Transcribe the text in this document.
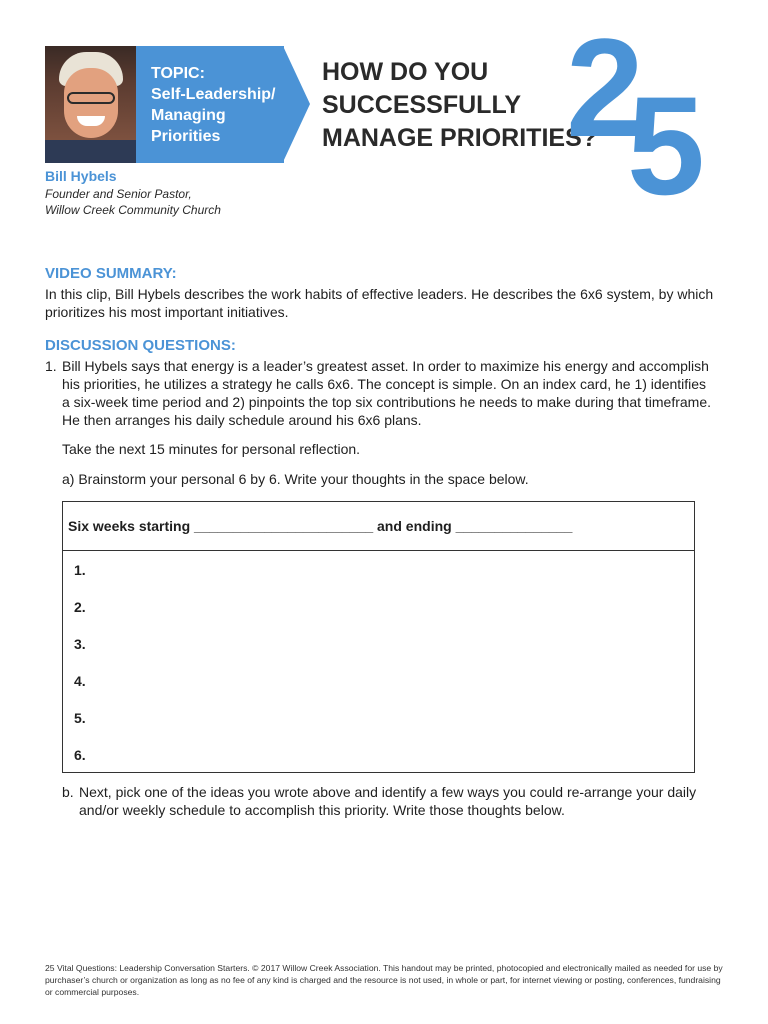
TOPIC:
Self-Leadership/
Managing
Priorities

HOW DO YOU
SUCCESSFULLY
MANAGE PRIORITIES?
2
5

Bill Hybels

Founder and Senior Pastor,
Willow Creek Community Church

VIDEO SUMMARY:

In this clip, Bill Hybels describes the work habits of effective leaders. He describes the 6x6 system, by which prioritizes his most important initiatives.

DISCUSSION QUESTIONS:

1. Bill Hybels says that energy is a leader’s greatest asset. In order to maximize his energy and accomplish his priorities, he utilizes a strategy he calls 6x6. The concept is simple. On an index card, he 1) identifies a six-week time period and 2) pinpoints the top six contributions he needs to make during that timeframe. He then arranges his daily schedule around his 6x6 plans.

Take the next 15 minutes for personal reflection.

a) Brainstorm your personal 6 by 6. Write your thoughts in the space below.

Six weeks starting _______________________ and ending _______________

1.

2.

3.

4.

5.

6.

b. Next, pick one of the ideas you wrote above and identify a few ways you could re-arrange your daily and/or weekly schedule to accomplish this priority. Write those thoughts below.

25 Vital Questions: Leadership Conversation Starters. © 2017 Willow Creek Association. This handout may be printed, photocopied and electronically mailed as needed for use by purchaser’s church or organization as long as no fee of any kind is charged and the resource is not used, in whole or part, for internet viewing or posting, conferences, fundraising or commercial purposes.
